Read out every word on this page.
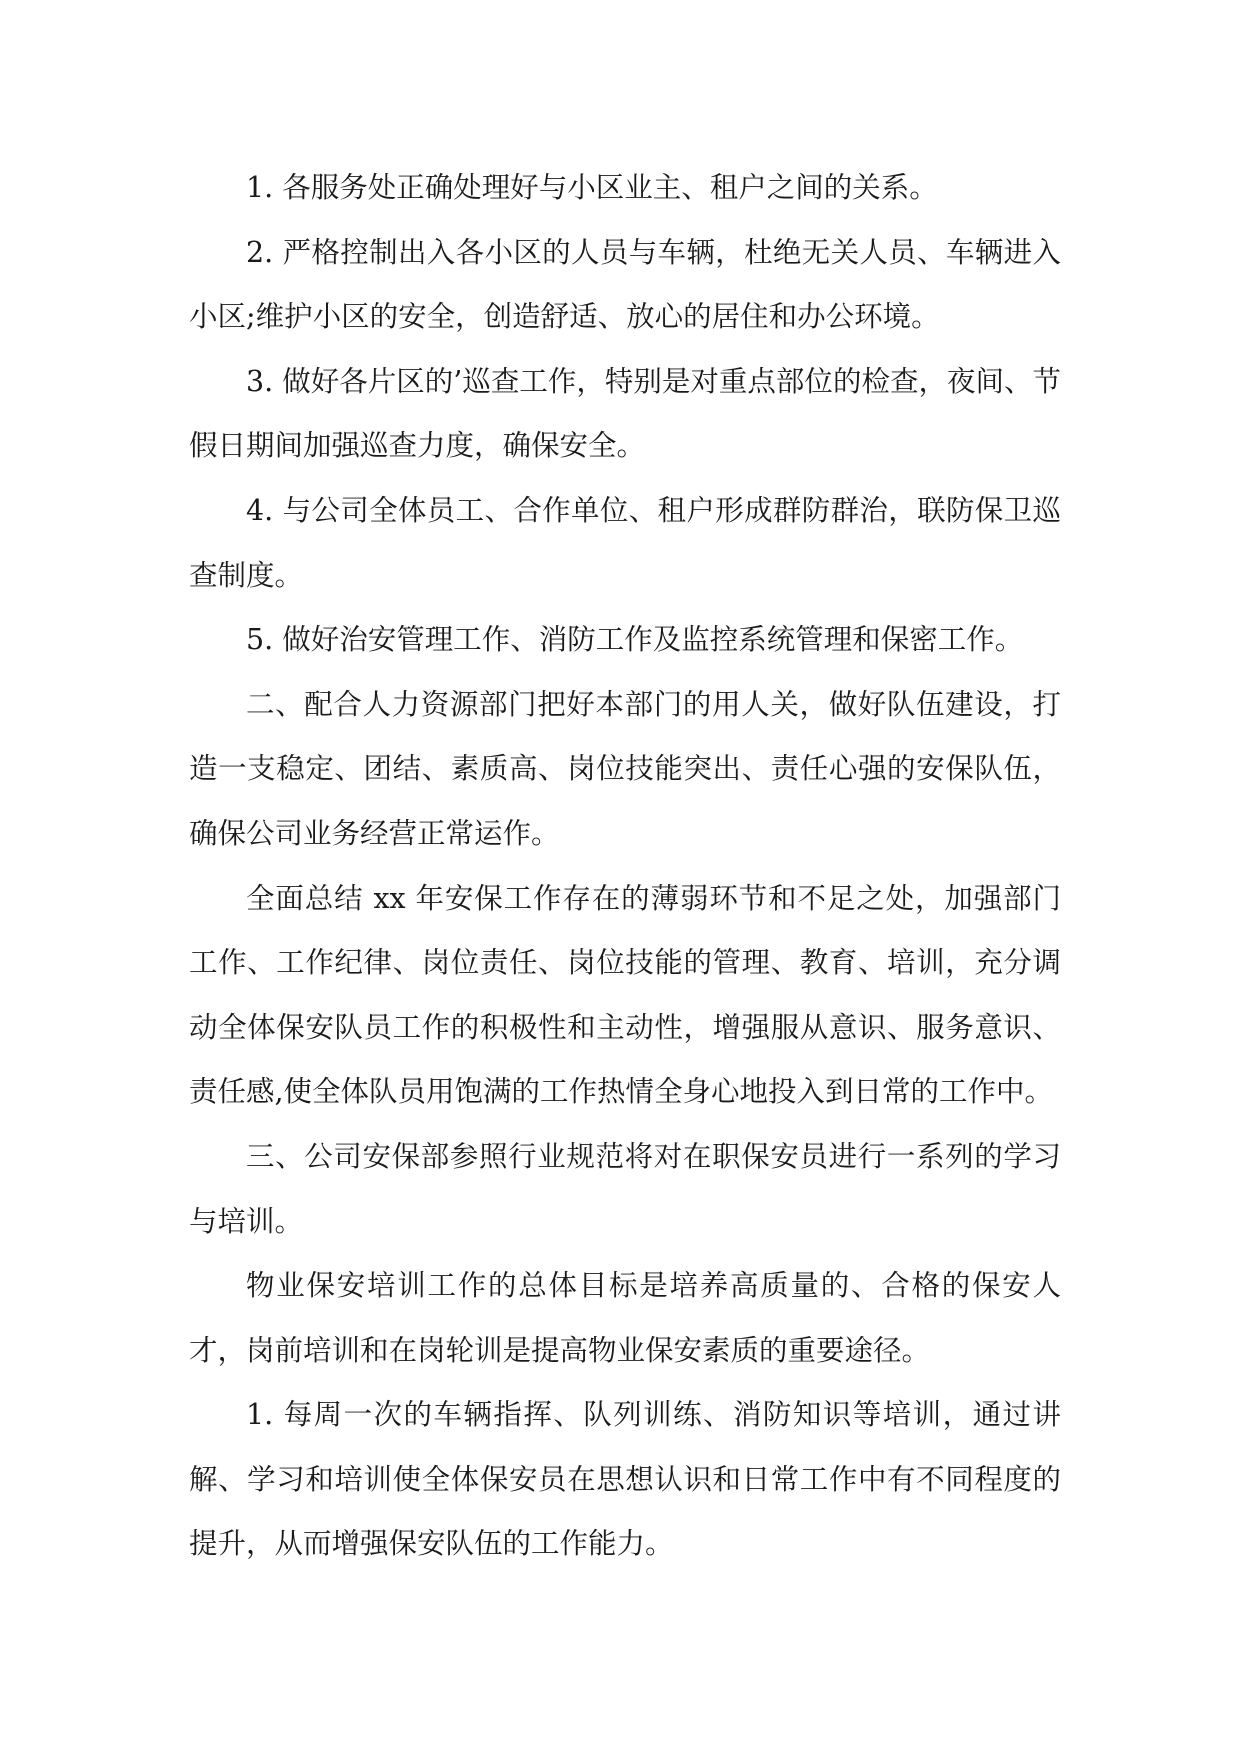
1. 各服务处正确处理好与小区业主、租户之间的关系。

2. 严格控制出入各小区的人员与车辆，杜绝无关人员、车辆进入小区;维护小区的安全，创造舒适、放心的居住和办公环境。

3. 做好各片区的’巡查工作，特别是对重点部位的检查，夜间、节假日期间加强巡查力度，确保安全。

4. 与公司全体员工、合作单位、租户形成群防群治，联防保卫巡查制度。

5. 做好治安管理工作、消防工作及监控系统管理和保密工作。

二、配合人力资源部门把好本部门的用人关，做好队伍建设，打造一支稳定、团结、素质高、岗位技能突出、责任心强的安保队伍，确保公司业务经营正常运作。

全面总结 xx 年安保工作存在的薄弱环节和不足之处，加强部门工作、工作纪律、岗位责任、岗位技能的管理、教育、培训，充分调动全体保安队员工作的积极性和主动性，增强服从意识、服务意识、责任感,使全体队员用饱满的工作热情全身心地投入到日常的工作中。

三、公司安保部参照行业规范将对在职保安员进行一系列的学习与培训。

物业保安培训工作的总体目标是培养高质量的、合格的保安人才，岗前培训和在岗轮训是提高物业保安素质的重要途径。

1. 每周一次的车辆指挥、队列训练、消防知识等培训，通过讲解、学习和培训使全体保安员在思想认识和日常工作中有不同程度的提升，从而增强保安队伍的工作能力。
